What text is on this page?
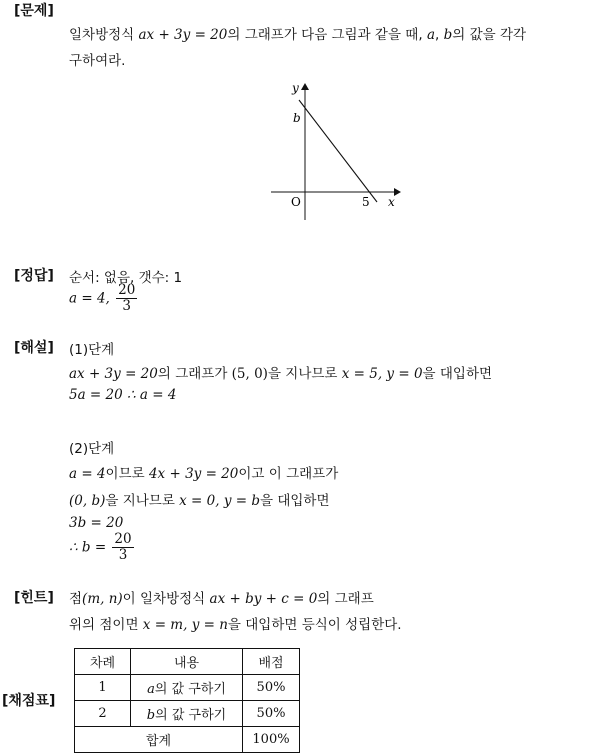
[문제]
일차방정식 ax + 3y = 20의 그래프가 다음 그림과 같을 때, a, b의 값을 각각
구하여라.
y
b
O	5 x
[정답] 순서: 없음, 갯수: 1
a = 4, $\frac{20}{3}$
[해설] (1)단계
ax + 3y = 20의 그래프가 (5, 0)을 지나므로 x = 5, y = 0을 대입하면
5a = 20 ∴ a = 4
(2)단계
a = 4이므로 4x + 3y = 20이고 이 그래프가
(0, b)을 지나므로 x = 0, y = b을 대입하면
3b = 20
∴ $b = \frac{20}{3}$
[힌트] 점(m, n)이 일차방정식 ax + by + c = 0의 그래프
위의 점이면 x = m, y = n을 대입하면 등식이 성립한다.
[채점표]
차례	내용	배점
1	a의 값 구하기	50%
2	b의 값 구하기	50%
합계		100%
